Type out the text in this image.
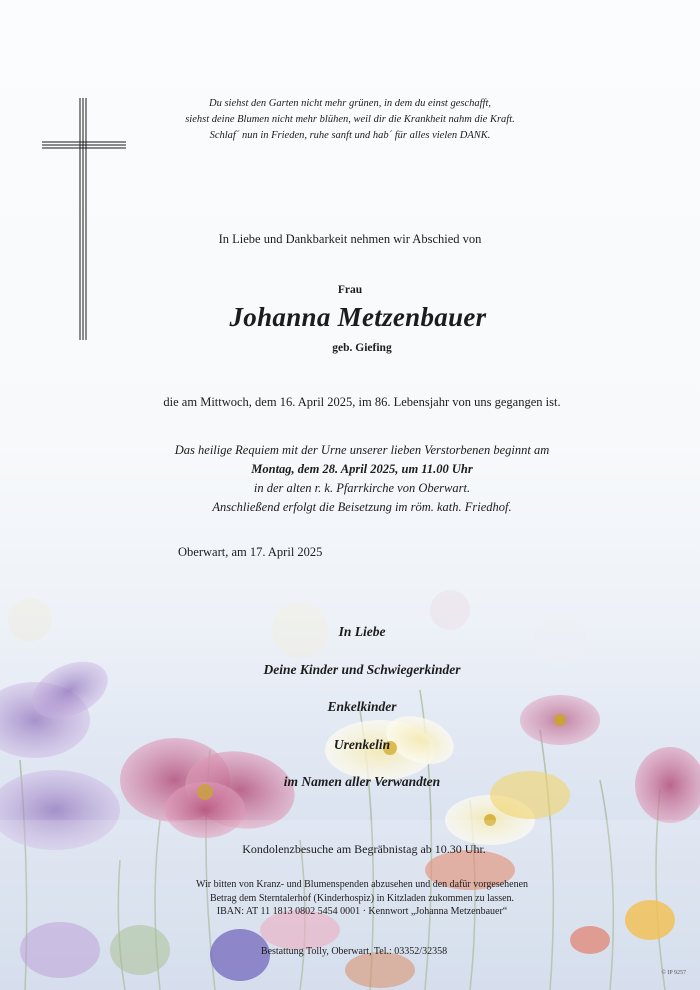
Du siehst den Garten nicht mehr grünen, in dem du einst geschafft,
siehst deine Blumen nicht mehr blühen, weil dir die Krankheit nahm die Kraft.
Schlaf´ nun in Frieden, ruhe sanft und hab´ für alles vielen DANK.
In Liebe und Dankbarkeit nehmen wir Abschied von
Frau
Johanna Metzenbauer
geb. Giefing
die am Mittwoch, dem 16. April 2025, im 86. Lebensjahr von uns gegangen ist.
Das heilige Requiem mit der Urne unserer lieben Verstorbenen beginnt am
Montag, dem 28. April 2025, um 11.00 Uhr
in der alten r. k. Pfarrkirche von Oberwart.
Anschließend erfolgt die Beisetzung im röm. kath. Friedhof.
Oberwart, am 17. April 2025
In Liebe
Deine Kinder und Schwiegerkinder
Enkelkinder
Urenkelin
im Namen aller Verwandten
Kondolenzbesuche am Begräbnistag ab 10.30 Uhr.
Wir bitten von Kranz- und Blumenspenden abzusehen und den dafür vorgesehenen
Betrag dem Sterntalerhof (Kinderhospiz) in Kitzladen zukommen zu lassen.
IBAN: AT 11 1813 0802 5454 0001 · Kennwort „Johanna Metzenbauer“
Bestattung Tolly, Oberwart, Tel.: 03352/32358
© IP 9257
